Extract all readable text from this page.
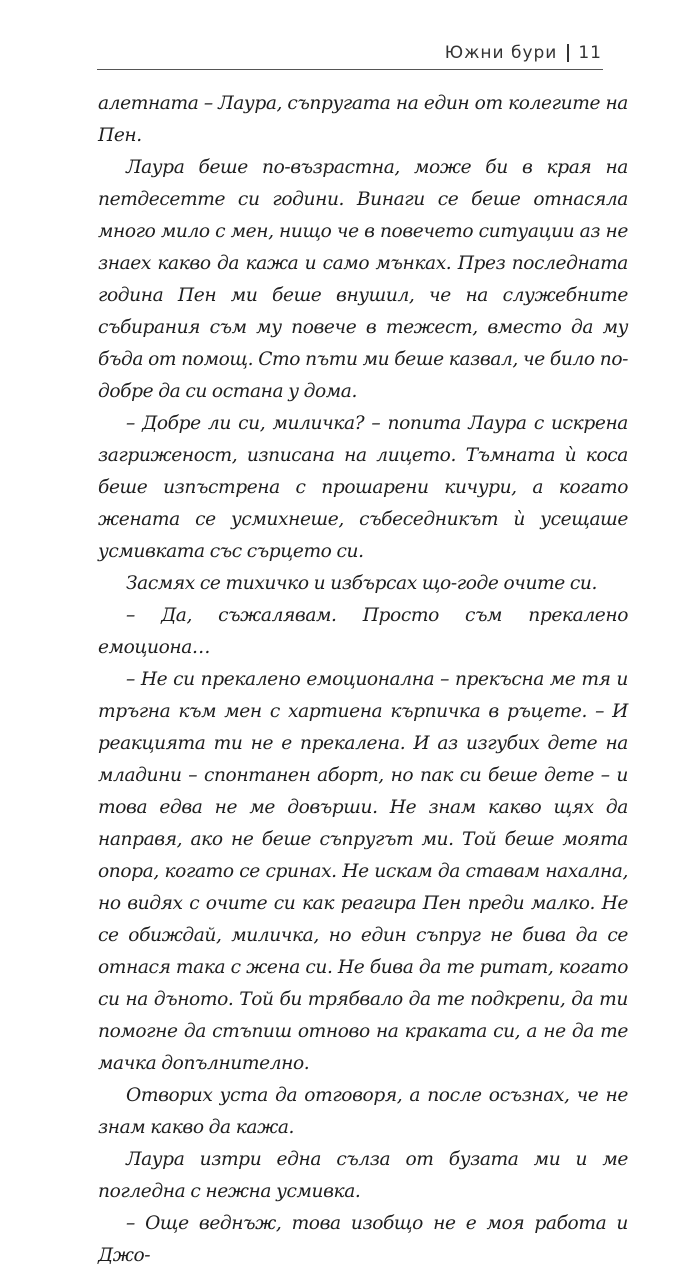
Южни бури 11

алетната – Лаура, съпругата на един от колегите на Пен.

Лаура беше по-възрастна, може би в края на петдесетте си години. Винаги се беше отнасяла много мило с мен, нищо че в повечето ситуации аз не знаех какво да кажа и само мънках. През последната година Пен ми беше внушил, че на служебните събирания съм му повече в тежест, вместо да му бъда от помощ. Сто пъти ми беше казвал, че било по-добре да си остана у дома.

– Добре ли си, миличка? – попита Лаура с искрена загриженост, изписана на лицето. Тъмната ѝ коса беше изпъстрена с прошарени кичури, а когато жената се усмихнеше, събеседникът ѝ усещаше усмивката със сърцето си.

Засмях се тихичко и избърсах що-годе очите си.

– Да, съжалявам. Просто съм прекалено емоциона…

– Не си прекалено емоционална – прекъсна ме тя и тръгна към мен с хартиена кърпичка в ръцете. – И реакцията ти не е прекалена. И аз изгубих дете на младини – спонтанен аборт, но пак си беше дете – и това едва не ме довърши. Не знам какво щях да направя, ако не беше съпругът ми. Той беше моята опора, когато се сринах. Не искам да ставам нахална, но видях с очите си как реагира Пен преди малко. Не се обиждай, миличка, но един съпруг не бива да се отнася така с жена си. Не бива да те ритат, когато си на дъното. Той би трябвало да те подкрепи, да ти помогне да стъпиш отново на краката си, а не да те мачка допълнително.

Отворих уста да отговоря, а после осъзнах, че не знам какво да кажа.

Лаура изтри една сълза от бузата ми и ме погледна с нежна усмивка.

– Още веднъж, това изобщо не е моя работа и Джо-
